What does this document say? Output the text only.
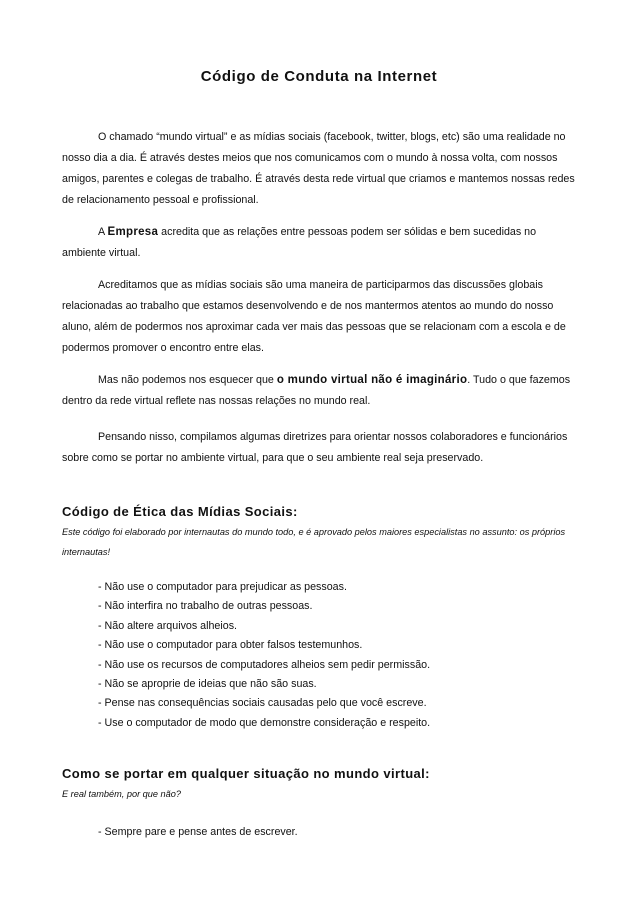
Código de Conduta na Internet

O chamado “mundo virtual” e as mídias sociais (facebook, twitter, blogs, etc) são uma realidade no nosso dia a dia. É através destes meios que nos comunicamos com o mundo à nossa volta, com nossos amigos, parentes e colegas de trabalho. É através desta rede virtual que criamos e mantemos nossas redes de relacionamento pessoal e profissional.

A Empresa acredita que as relações entre pessoas podem ser sólidas e bem sucedidas no ambiente virtual.

Acreditamos que as mídias sociais são uma maneira de participarmos das discussões globais relacionadas ao trabalho que estamos desenvolvendo e de nos mantermos atentos ao mundo do nosso aluno, além de podermos nos aproximar cada ver mais das pessoas que se relacionam com a escola e de podermos promover o encontro entre elas.

Mas não podemos nos esquecer que o mundo virtual não é imaginário. Tudo o que fazemos dentro da rede virtual reflete nas nossas relações no mundo real.

Pensando nisso, compilamos algumas diretrizes para orientar nossos colaboradores e funcionários sobre como se portar no ambiente virtual, para que o seu ambiente real seja preservado.

Código de Ética das Mídias Sociais:

Este código foi elaborado por internautas do mundo todo, e é aprovado pelos maiores especialistas no assunto: os próprios internautas!

- Não use o computador para prejudicar as pessoas.
- Não interfira no trabalho de outras pessoas.
- Não altere arquivos alheios.
- Não use o computador para obter falsos testemunhos.
- Não use os recursos de computadores alheios sem pedir permissão.
- Não se aproprie de ideias que não são suas.
- Pense nas consequências sociais causadas pelo que você escreve.
- Use o computador de modo que demonstre consideração e respeito.
Como se portar em qualquer situação no mundo virtual:

E real também, por que não?

- Sempre pare e pense antes de escrever.
